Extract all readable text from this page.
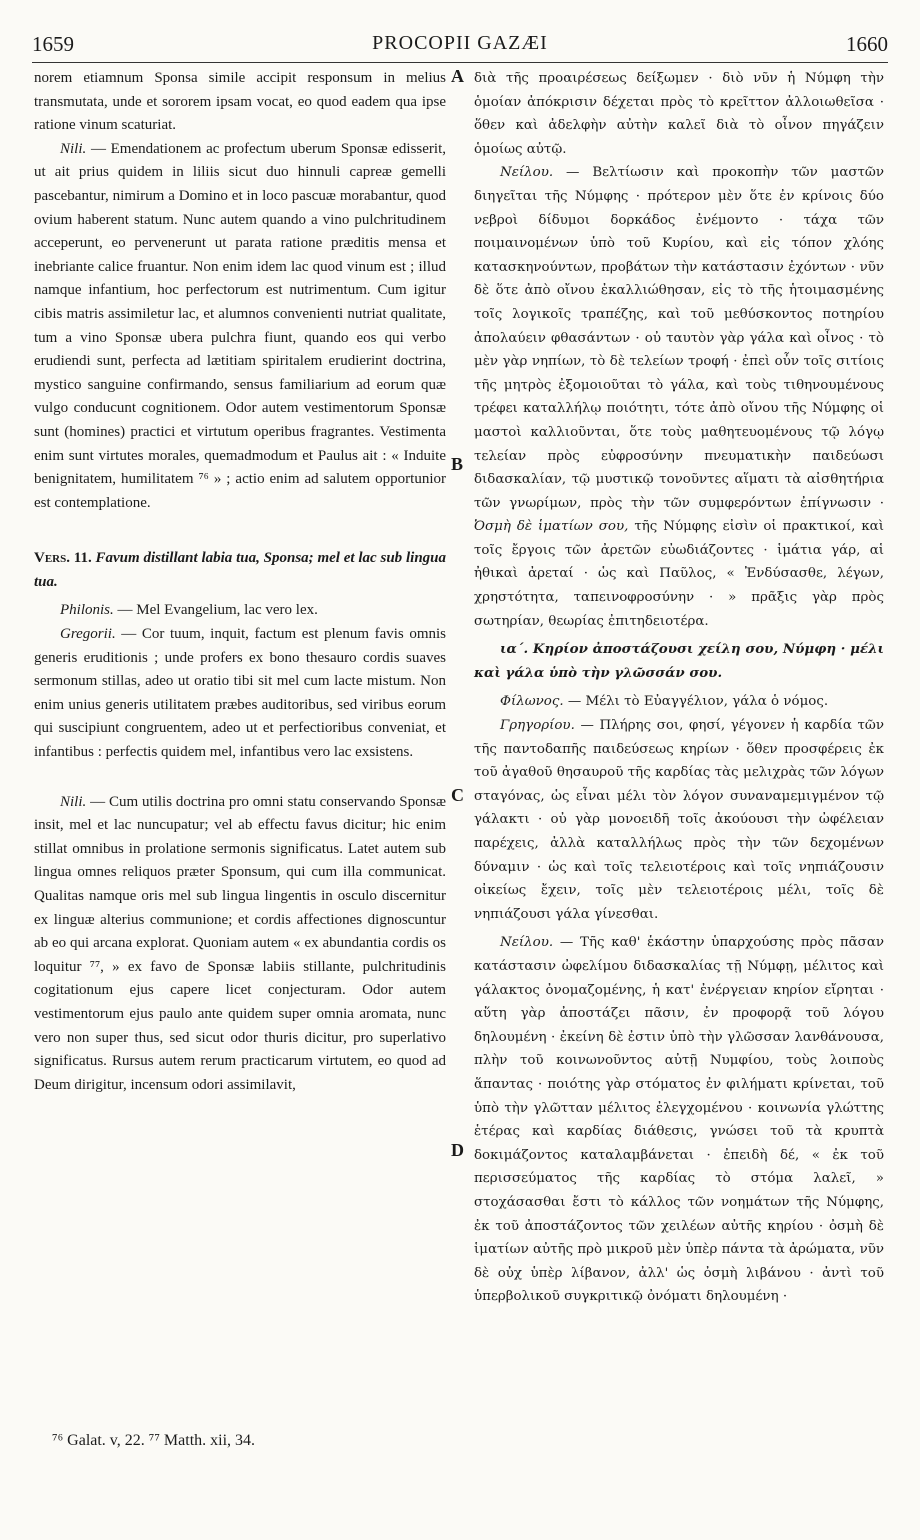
1659	PROCOPII GAZÆI	1660
A
B
C
D

norem etiamnum Sponsa simile accipit responsum in melius transmutata, unde et sororem ipsam vocat, eo quod eadem qua ipse ratione vinum scaturiat.

Nili. — Emendationem ac profectum uberum Sponsæ edisserit, ut ait prius quidem in liliis sicut duo hinnuli capreæ gemelli pascebantur, nimirum a Domino et in loco pascuæ morabantur, quod ovium haberent statum. Nunc autem quando a vino pulchritudinem acceperunt, eo pervenerunt ut parata ratione præditis mensa et inebriante calice fruantur. Non enim idem lac quod vinum est ; illud namque infantium, hoc perfectorum est nutrimentum. Cum igitur cibis matris assimiletur lac, et alumnos convenienti nutriat qualitate, tum a vino Sponsæ ubera pulchra fiunt, quando eos qui verbo erudiendi sunt, perfecta ad lætitiam spiritalem erudierint doctrina, mystico sanguine confirmando, sensus familiarium ad eorum quæ vulgo conducunt cognitionem. Odor autem vestimentorum Sponsæ sunt (homines) practici et virtutum operibus fragrantes. Vestimenta enim sunt virtutes morales, quemadmodum et Paulus ait : « Induite benignitatem, humilitatem ⁷⁶ » ; actio enim ad salutem opportunior est contemplatione.

Vers. 11. Favum distillant labia tua, Sponsa; mel et lac sub lingua tua.

Philonis. — Mel Evangelium, lac vero lex.

Gregorii. — Cor tuum, inquit, factum est plenum favis omnis generis eruditionis ; unde profers ex bono thesauro cordis suaves sermonum stillas, adeo ut oratio tibi sit mel cum lacte mistum. Non enim unius generis utilitatem præbes auditoribus, sed viribus eorum qui suscipiunt congruentem, adeo ut et perfectioribus conveniat, et infantibus : perfectis quidem mel, infantibus vero lac exsistens.

Nili. — Cum utilis doctrina pro omni statu conservando Sponsæ insit, mel et lac nuncupatur; vel ab effectu favus dicitur; hic enim stillat omnibus in prolatione sermonis significatus. Latet autem sub lingua omnes reliquos præter Sponsum, qui cum illa communicat. Qualitas namque oris mel sub lingua lingentis in osculo discernitur ex linguæ alterius communione; et cordis affectiones dignoscuntur ab eo qui arcana explorat. Quoniam autem « ex abundantia cordis os loquitur ⁷⁷, » ex favo de Sponsæ labiis stillante, pulchritudinis cogitationum ejus capere licet conjecturam. Odor autem vestimentorum ejus paulo ante quidem super omnia aromata, nunc vero non super thus, sed sicut odor thuris dicitur, pro superlativo significatus. Rursus autem rerum practicarum virtutem, eo quod ad Deum dirigitur, incensum odori assimilavit,

διὰ τῆς προαιρέσεως δείξωμεν · διὸ νῦν ἡ Νύμφη τὴν ὁμοίαν ἀπόκρισιν δέχεται πρὸς τὸ κρεῖττον ἀλλοιωθεῖσα · ὅθεν καὶ ἀδελφὴν αὐτὴν καλεῖ διὰ τὸ οἶνον πηγάζειν ὁμοίως αὐτῷ.

Νείλου. — Βελτίωσιν καὶ προκοπὴν τῶν μαστῶν διηγεῖται τῆς Νύμφης · πρότερον μὲν ὅτε ἐν κρίνοις δύο νεβροὶ δίδυμοι δορκάδος ἐνέμοντο · τάχα τῶν ποιμαινομένων ὑπὸ τοῦ Κυρίου, καὶ εἰς τόπον χλόης κατασκηνούντων, προβάτων τὴν κατάστασιν ἐχόντων · νῦν δὲ ὅτε ἀπὸ οἴνου ἐκαλλιώθησαν, εἰς τὸ τῆς ἡτοιμασμένης τοῖς λογικοῖς τραπέζης, καὶ τοῦ μεθύσκοντος ποτηρίου ἀπολαύειν φθασάντων · οὐ ταυτὸν γὰρ γάλα καὶ οἶνος · τὸ μὲν γὰρ νηπίων, τὸ δὲ τελείων τροφή · ἐπεὶ οὖν τοῖς σιτίοις τῆς μητρὸς ἐξομοιοῦται τὸ γάλα, καὶ τοὺς τιθηνουμένους τρέφει καταλλήλῳ ποιότητι, τότε ἀπὸ οἴνου τῆς Νύμφης οἱ μαστοὶ καλλιοῦνται, ὅτε τοὺς μαθητευομένους τῷ λόγῳ τελείαν πρὸς εὐφροσύνην πνευματικὴν παιδεύωσι διδασκαλίαν, τῷ μυστικῷ τονοῦντες αἵματι τὰ αἰσθητήρια τῶν γνωρίμων, πρὸς τὴν τῶν συμφερόντων ἐπίγνωσιν · Ὀσμὴ δὲ ἱματίων σου, τῆς Νύμφης εἰσὶν οἱ πρακτικοί, καὶ τοῖς ἔργοις τῶν ἀρετῶν εὐωδιάζοντες · ἱμάτια γάρ, αἱ ἠθικαὶ ἀρεταί · ὡς καὶ Παῦλος, « Ἐνδύσασθε, λέγων, χρηστότητα, ταπεινοφροσύνην · » πρᾶξις γὰρ πρὸς σωτηρίαν, θεωρίας ἐπιτηδειοτέρα.

ια΄. Κηρίον ἀποστάζουσι χείλη σου, Νύμφη · μέλι καὶ γάλα ὑπὸ τὴν γλῶσσάν σου.

Φίλωνος. — Μέλι τὸ Εὐαγγέλιον, γάλα ὁ νόμος.

Γρηγορίου. — Πλήρης σοι, φησί, γέγονεν ἡ καρδία τῶν τῆς παντοδαπῆς παιδεύσεως κηρίων · ὅθεν προσφέρεις ἐκ τοῦ ἀγαθοῦ θησαυροῦ τῆς καρδίας τὰς μελιχρὰς τῶν λόγων σταγόνας, ὡς εἶναι μέλι τὸν λόγον συναναμεμιγμένον τῷ γάλακτι · οὐ γὰρ μονοειδῆ τοῖς ἀκούουσι τὴν ὠφέλειαν παρέχεις, ἀλλὰ καταλλήλως πρὸς τὴν τῶν δεχομένων δύναμιν · ὡς καὶ τοῖς τελειοτέροις καὶ τοῖς νηπιάζουσιν οἰκείως ἔχειν, τοῖς μὲν τελειοτέροις μέλι, τοῖς δὲ νηπιάζουσι γάλα γίνεσθαι.

Νείλου. — Τῆς καθ' ἑκάστην ὑπαρχούσης πρὸς πᾶσαν κατάστασιν ὠφελίμου διδασκαλίας τῇ Νύμφῃ, μέλιτος καὶ γάλακτος ὀνομαζομένης, ἡ κατ' ἐνέργειαν κηρίον εἴρηται · αὕτη γὰρ ἀποστάζει πᾶσιν, ἐν προφορᾷ τοῦ λόγου δηλουμένη · ἐκείνη δὲ ἐστιν ὑπὸ τὴν γλῶσσαν λανθάνουσα, πλὴν τοῦ κοινωνοῦντος αὐτῇ Νυμφίου, τοὺς λοιποὺς ἅπαντας · ποιότης γὰρ στόματος ἐν φιλήματι κρίνεται, τοῦ ὑπὸ τὴν γλῶτταν μέλιτος ἐλεγχομένου · κοινωνία γλώττης ἑτέρας καὶ καρδίας διάθεσις, γνώσει τοῦ τὰ κρυπτὰ δοκιμάζοντος καταλαμβάνεται · ἐπειδὴ δέ, « ἐκ τοῦ περισσεύματος τῆς καρδίας τὸ στόμα λαλεῖ, » στοχάσασθαι ἔστι τὸ κάλλος τῶν νοημάτων τῆς Νύμφης, ἐκ τοῦ ἀποστάζοντος τῶν χειλέων αὐτῆς κηρίου · ὀσμὴ δὲ ἱματίων αὐτῆς πρὸ μικροῦ μὲν ὑπὲρ πάντα τὰ ἀρώματα, νῦν δὲ οὐχ ὑπὲρ λίβανον, ἀλλ' ὡς ὀσμὴ λιβάνου · ἀντὶ τοῦ ὑπερβολικοῦ συγκριτικῷ ὀνόματι δηλουμένη ·

⁷⁶ Galat. v, 22. ⁷⁷ Matth. xii, 34.
